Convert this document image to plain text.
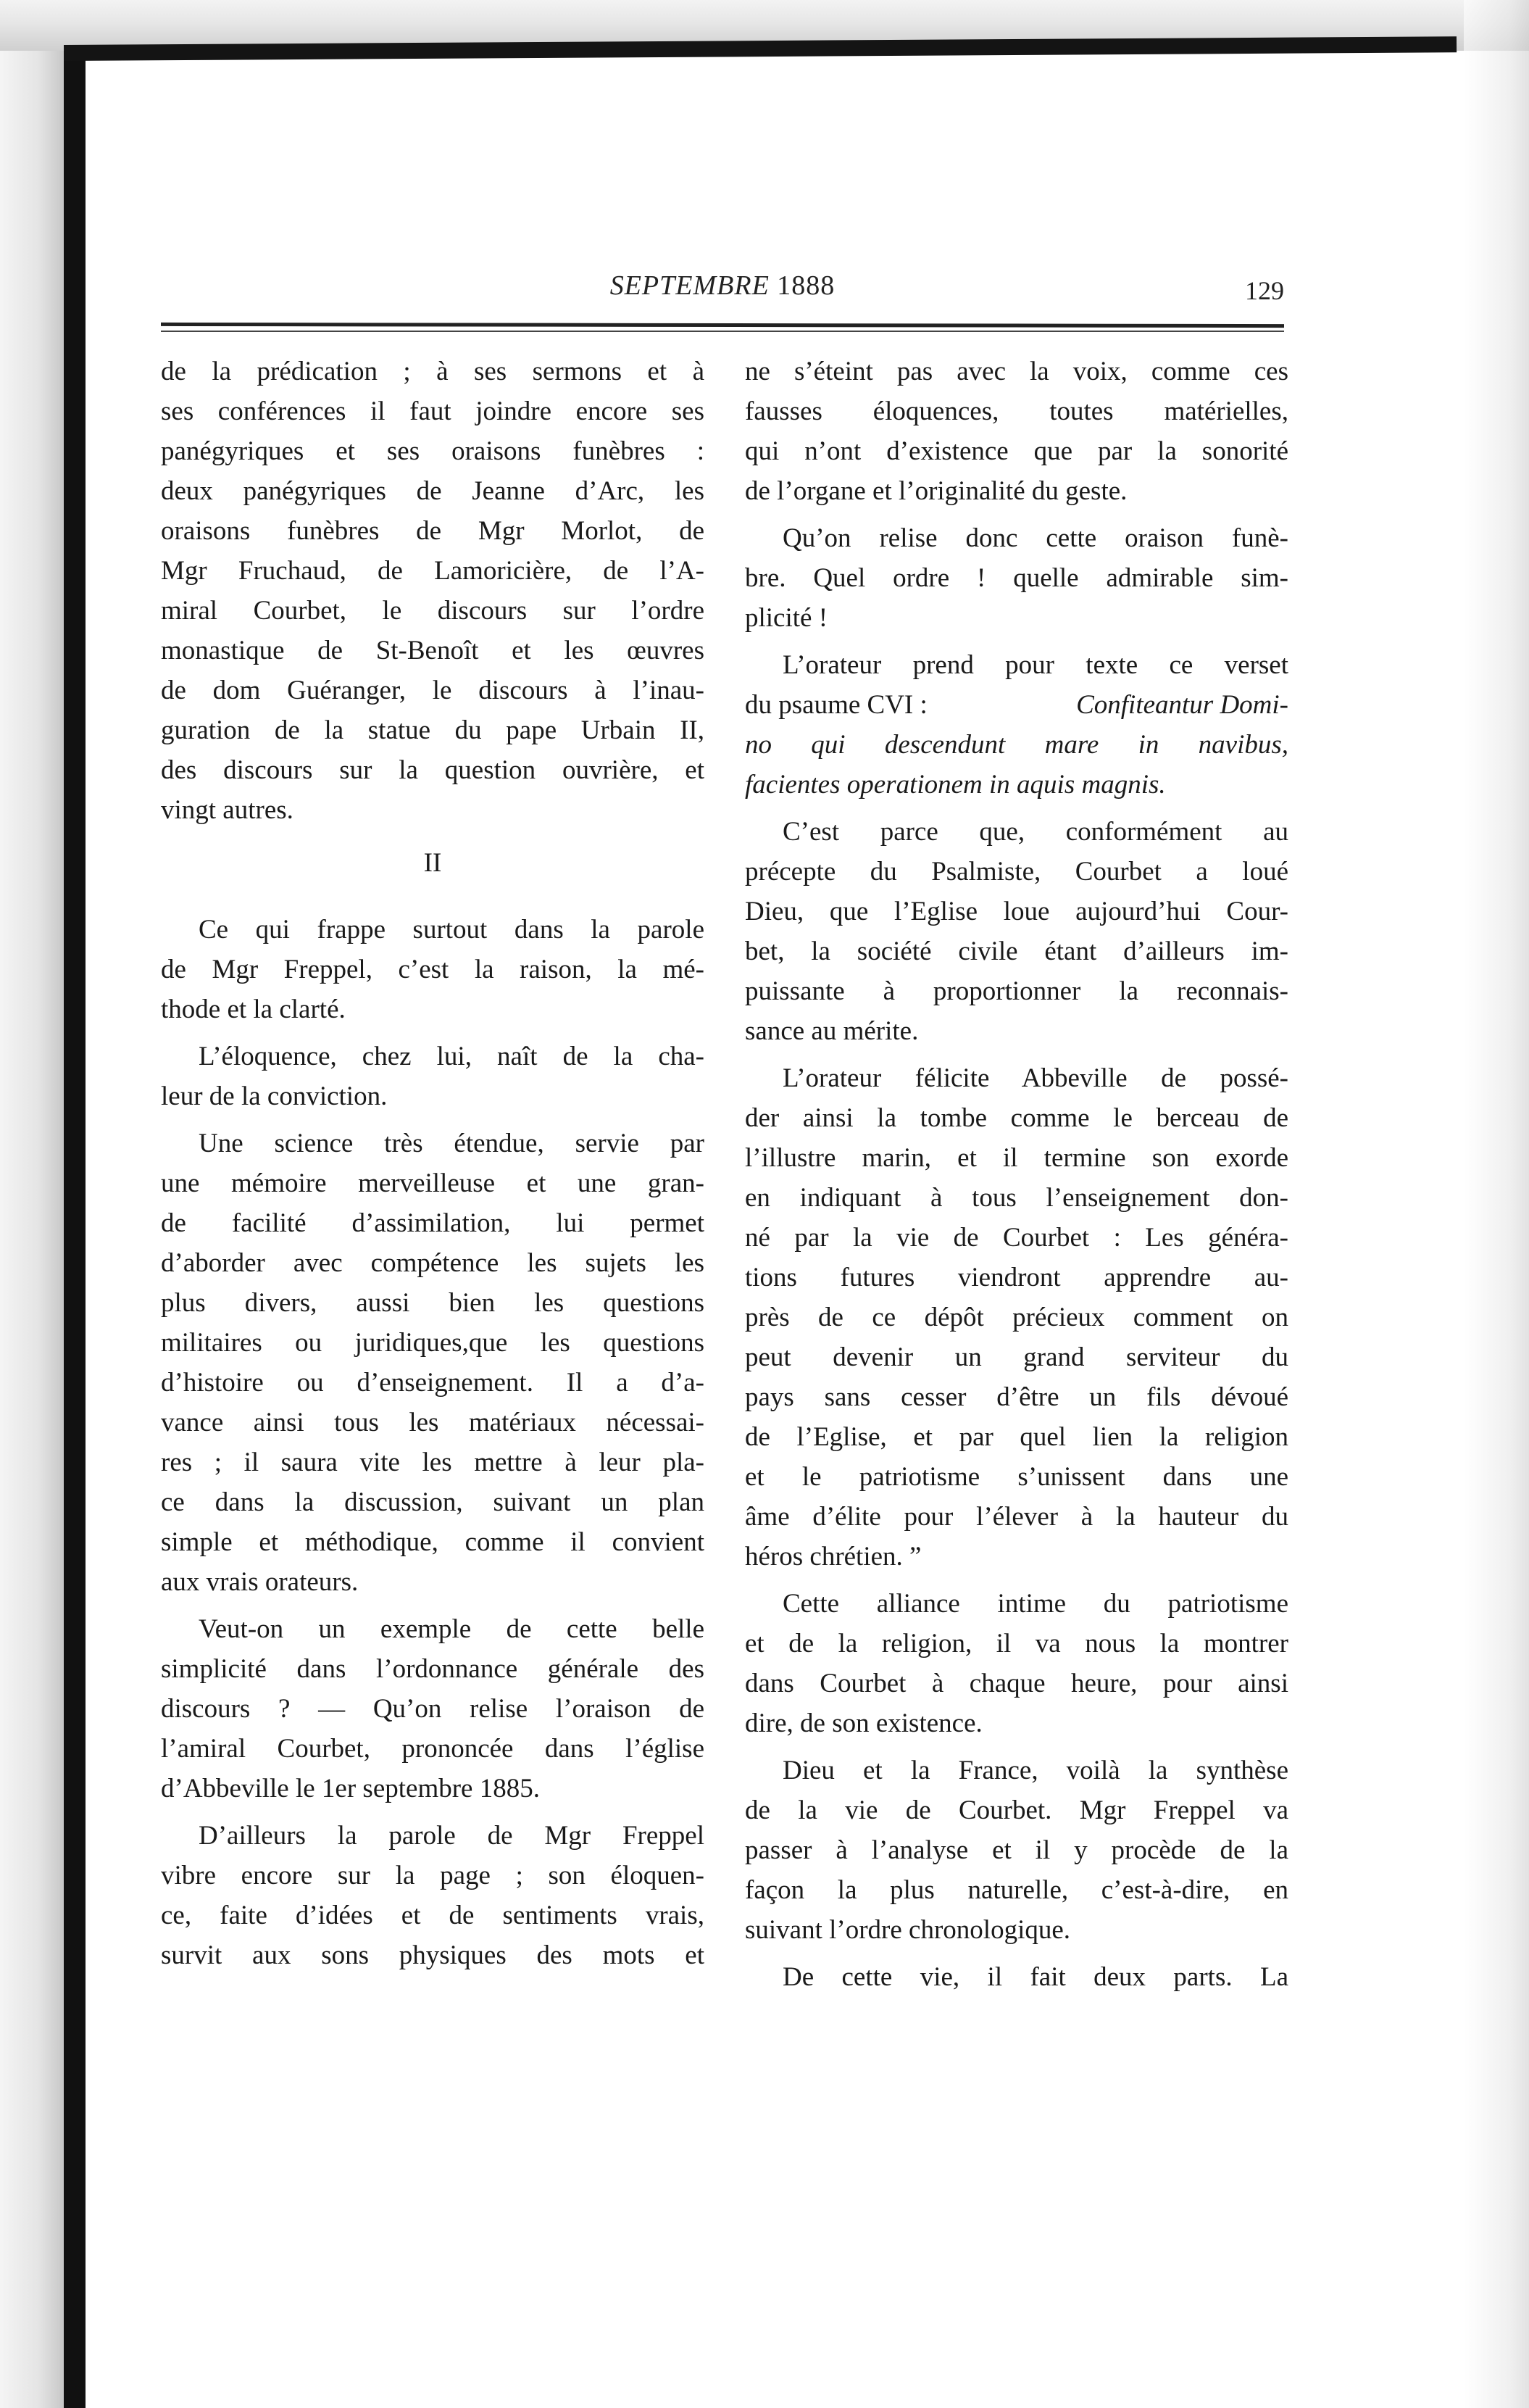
SEPTEMBRE 1888	129
de la prédication ; à ses sermons et à
ses conférences il faut joindre encore ses
panégyriques et ses oraisons funèbres :
deux panégyriques de Jeanne d’Arc, les
oraisons funèbres de Mgr Morlot, de
Mgr Fruchaud, de Lamoricière, de l’A-
miral Courbet, le discours sur l’ordre
monastique de St-Benoît et les œuvres
de dom Guéranger, le discours à l’inau-
guration de la statue du pape Urbain II,
des discours sur la question ouvrière, et
vingt autres.
II
Ce qui frappe surtout dans la parole
de Mgr Freppel, c’est la raison, la mé-
thode et la clarté.
L’éloquence, chez lui, naît de la cha-
leur de la conviction.
Une science très étendue, servie par
une mémoire merveilleuse et une gran-
de facilité d’assimilation, lui permet
d’aborder avec compétence les sujets les
plus divers, aussi bien les questions
militaires ou juridiques,que les questions
d’histoire ou d’enseignement. Il a d’a-
vance ainsi tous les matériaux nécessai-
res ; il saura vite les mettre à leur pla-
ce dans la discussion, suivant un plan
simple et méthodique, comme il convient
aux vrais orateurs.
Veut-on un exemple de cette belle
simplicité dans l’ordonnance générale des
discours ? — Qu’on relise l’oraison de
l’amiral Courbet, prononcée dans l’église
d’Abbeville le 1er septembre 1885.
D’ailleurs la parole de Mgr Freppel
vibre encore sur la page ; son éloquen-
ce, faite d’idées et de sentiments vrais,
survit aux sons physiques des mots et
ne s’éteint pas avec la voix, comme ces
fausses éloquences, toutes matérielles,
qui n’ont d’existence que par la sonorité
de l’organe et l’originalité du geste.
Qu’on relise donc cette oraison funè-
bre. Quel ordre ! quelle admirable sim-
plicité !
L’orateur prend pour texte ce verset
du psaume CVI :	Confiteantur Domi-
no qui descendunt mare in navibus,
facientes operationem in aquis magnis.
C’est parce que, conformément au
précepte du Psalmiste, Courbet a loué
Dieu, que l’Eglise loue aujourd’hui Cour-
bet, la société civile étant d’ailleurs im-
puissante à proportionner la reconnais-
sance au mérite.
L’orateur félicite Abbeville de possé-
der ainsi la tombe comme le berceau de
l’illustre marin, et il termine son exorde
en indiquant à tous l’enseignement don-
né par la vie de Courbet : Les généra-
tions futures viendront apprendre au-
près de ce dépôt précieux comment on
peut devenir un grand serviteur du
pays sans cesser d’être un fils dévoué
de l’Eglise, et par quel lien la religion
et le patriotisme s’unissent dans une
âme d’élite pour l’élever à la hauteur du
héros chrétien. ”
Cette alliance intime du patriotisme
et de la religion, il va nous la montrer
dans Courbet à chaque heure, pour ainsi
dire, de son existence.
Dieu et la France, voilà la synthèse
de la vie de Courbet. Mgr Freppel va
passer à l’analyse et il y procède de la
façon la plus naturelle, c’est-à-dire, en
suivant l’ordre chronologique.
De cette vie, il fait deux parts. La
